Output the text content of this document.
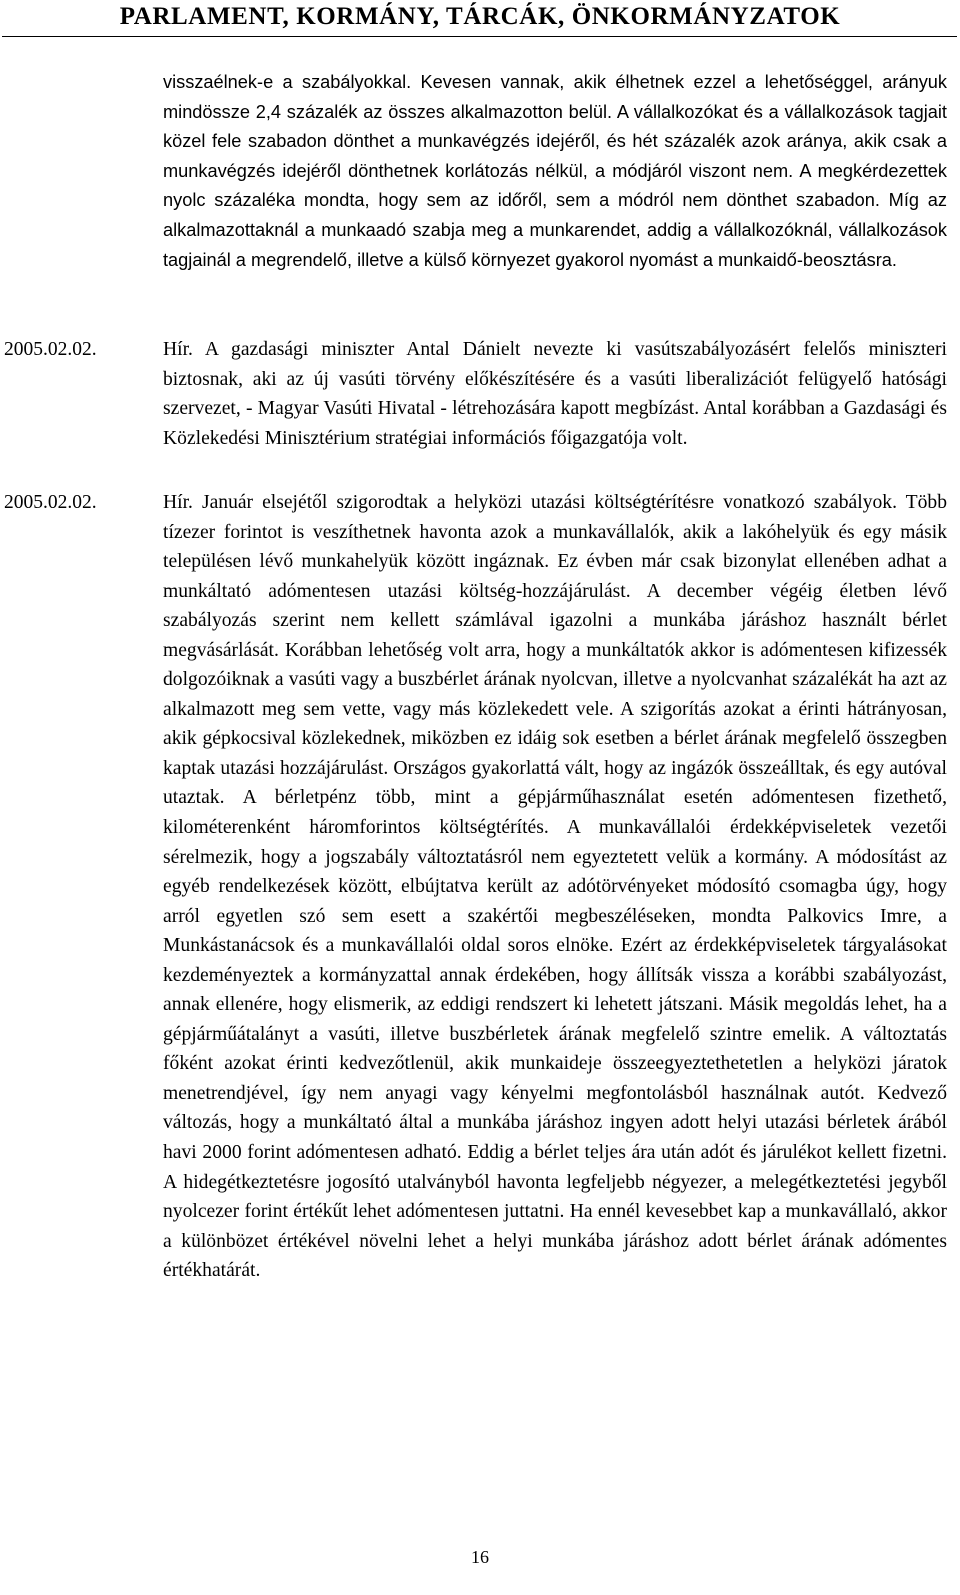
PARLAMENT, KORMÁNY, TÁRCÁK, ÖNKORMÁNYZATOK

visszaélnek-e a szabályokkal. Kevesen vannak, akik élhetnek ezzel a lehetőséggel, arányuk mindössze 2,4 százalék az összes alkalmazotton belül. A vállalkozókat és a vállalkozások tagjait közel fele szabadon dönthet a munkavégzés idejéről, és hét százalék azok aránya, akik csak a munkavégzés idejéről dönthetnek korlátozás nélkül, a módjáról viszont nem. A megkérdezettek nyolc százaléka mondta, hogy sem az időről, sem a módról nem dönthet szabadon. Míg az alkalmazottaknál a munkaadó szabja meg a munkarendet, addig a vállalkozóknál, vállalkozások tagjainál a megrendelő, illetve a külső környezet gyakorol nyomást a munkaidő-beosztásra.

2005.02.02.	Hír. A gazdasági miniszter Antal Dánielt nevezte ki vasútszabályozásért felelős miniszteri biztosnak, aki az új vasúti törvény előkészítésére és a vasúti liberalizációt felügyelő hatósági szervezet, - Magyar Vasúti Hivatal - létrehozására kapott megbízást. Antal korábban a Gazdasági és Közlekedési Minisztérium stratégiai információs főigazgatója volt.

2005.02.02.	Hír. Január elsejétől szigorodtak a helyközi utazási költségtérítésre vonatkozó szabályok. Több tízezer forintot is veszíthetnek havonta azok a munkavállalók, akik a lakóhelyük és egy másik településen lévő munkahelyük között ingáznak. Ez évben már csak bizonylat ellenében adhat a munkáltató adómentesen utazási költség-hozzájárulást. A december végéig életben lévő szabályozás szerint nem kellett számlával igazolni a munkába járáshoz használt bérlet megvásárlását. Korábban lehetőség volt arra, hogy a munkáltatók akkor is adómentesen kifizessék dolgozóiknak a vasúti vagy a buszbérlet árának nyolcvan, illetve a nyolcvanhat százalékát ha azt az alkalmazott meg sem vette, vagy más közlekedett vele. A szigorítás azokat a érinti hátrányosan, akik gépkocsival közlekednek, miközben ez idáig sok esetben a bérlet árának megfelelő összegben kaptak utazási hozzájárulást. Országos gyakorlattá vált, hogy az ingázók összeálltak, és egy autóval utaztak. A bérletpénz több, mint a gépjárműhasználat esetén adómentesen fizethető, kilométerenként háromforintos költségtérítés. A munkavállalói érdekképviseletek vezetői sérelmezik, hogy a jogszabály változtatásról nem egyeztetett velük a kormány. A módosítást az egyéb rendelkezések között, elbújtatva került az adótörvényeket módosító csomagba úgy, hogy arról egyetlen szó sem esett a szakértői megbeszéléseken, mondta Palkovics Imre, a Munkástanácsok és a munkavállalói oldal soros elnöke. Ezért az érdekképviseletek tárgyalásokat kezdeményeztek a kormányzattal annak érdekében, hogy állítsák vissza a korábbi szabályozást, annak ellenére, hogy elismerik, az eddigi rendszert ki lehetett játszani. Másik megoldás lehet, ha a gépjárműátalányt a vasúti, illetve buszbérletek árának megfelelő szintre emelik. A változtatás főként azokat érinti kedvezőtlenül, akik munkaideje összeegyeztethetetlen a helyközi járatok menetrendjével, így nem anyagi vagy kényelmi megfontolásból használnak autót. Kedvező változás, hogy a munkáltató által a munkába járáshoz ingyen adott helyi utazási bérletek árából havi 2000 forint adómentesen adható. Eddig a bérlet teljes ára után adót és járulékot kellett fizetni. A hidegétkeztetésre jogosító utalványból havonta legfeljebb négyezer, a melegétkeztetési jegyből nyolcezer forint értékűt lehet adómentesen juttatni. Ha ennél kevesebbet kap a munkavállaló, akkor a különbözet értékével növelni lehet a helyi munkába járáshoz adott bérlet árának adómentes értékhatárát.

16
